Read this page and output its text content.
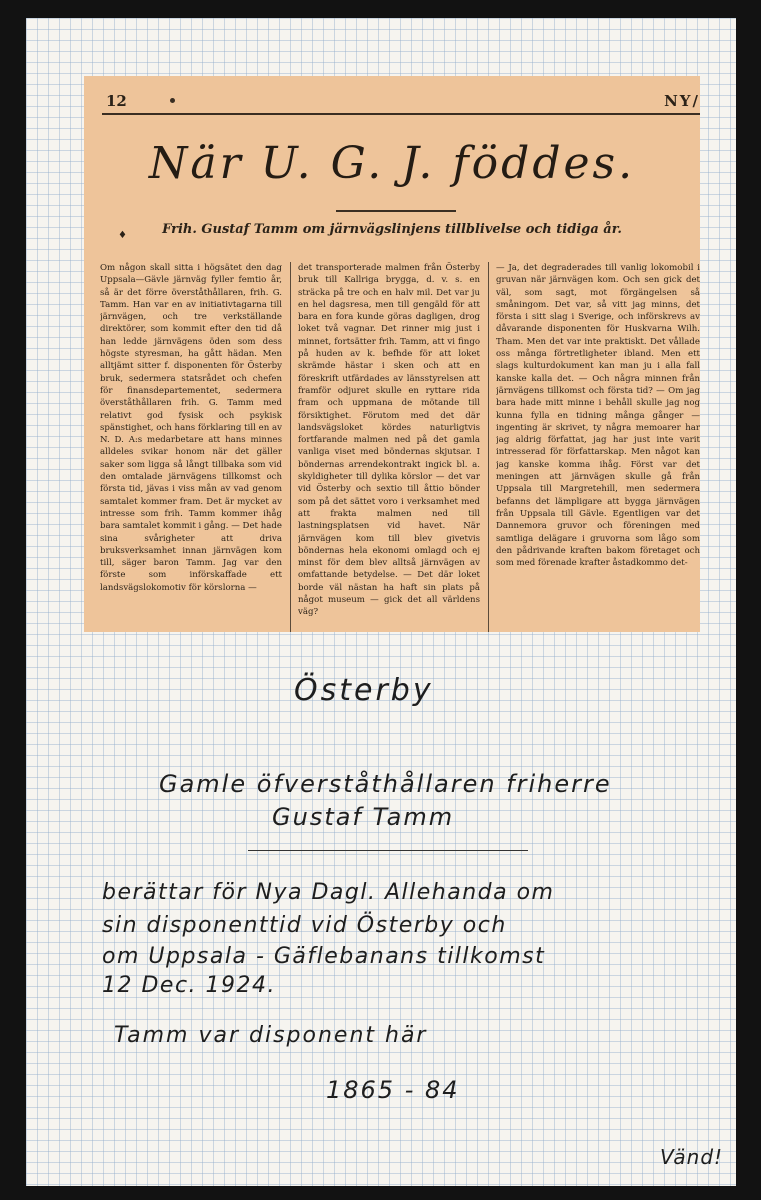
12	NY/
När U. G. J. föddes.
♦	Frih. Gustaf Tamm om järnvägslinjens tillblivelse och tidiga år.

Om någon skall sitta i högsätet den dag Uppsala—Gävle järnväg fyller femtio år, så är det förre överståthållaren, frih. G. Tamm. Han var en av initiativtagarna till järnvägen, och tre verkställande direktörer, som kommit efter den tid då han ledde järnvägens öden som dess högste styresman, ha gått hädan. Men alltjämt sitter f. disponenten för Österby bruk, sedermera statsrådet och chefen för finansdepartementet, sedermera överståthållaren frih. G. Tamm med relativt god fysisk och psykisk spänstighet, och hans förklaring till en av N. D. A:s medarbetare att hans minnes alldeles svikar honom när det gäller saker som ligga så långt tillbaka som vid den omtalade järnvägens tillkomst och första tid, jävas i viss mån av vad genom samtalet kommer fram. Det är mycket av intresse som frih. Tamm kommer ihåg bara samtalet kommit i gång. — Det hade sina svårigheter att driva bruksverksamhet innan järnvägen kom till, säger baron Tamm. Jag var den förste som införskaffade ett landsvägslokomotiv för körslorna —

det transporterade malmen från Österby bruk till Kallriga brygga, d. v. s. en sträcka på tre och en halv mil. Det var ju en hel dagsresa, men till gengäld för att bara en fora kunde göras dagligen, drog loket två vagnar. Det rinner mig just i minnet, fortsätter frih. Tamm, att vi fingo på huden av k. befhde för att loket skrämde hästar i sken och att en föreskrift utfärdades av länsstyrelsen att framför odjuret skulle en ryttare rida fram och uppmana de mötande till försiktighet. Förutom med det där landsvägsloket kördes naturligtvis fortfarande malmen ned på det gamla vanliga viset med böndernas skjutsar. I böndernas arrendekontrakt ingick bl. a. skyldigheter till dylika körslor — det var vid Österby och sextio till åttio bönder som på det sättet voro i verksamhet med att frakta malmen ned till lastningsplatsen vid havet. När järnvägen kom till blev givetvis böndernas hela ekonomi omlagd och ej minst för dem blev alltså järnvägen av omfattande betydelse. — Det där loket borde väl nästan ha haft sin plats på något museum — gick det all världens väg?

— Ja, det degraderades till vanlig lokomobil i gruvan när järnvägen kom. Och sen gick det väl, som sagt, mot förgängelsen så småningom. Det var, så vitt jag minns, det första i sitt slag i Sverige, och införskrevs av dåvarande disponenten för Huskvarna Wilh. Tham. Men det var inte praktiskt. Det vållade oss många förtretligheter ibland. Men ett slags kulturdokument kan man ju i alla fall kanske kalla det. — Och några minnen från järnvägens tillkomst och första tid? — Om jag bara hade mitt minne i behåll skulle jag nog kunna fylla en tidning många gånger — ingenting är skrivet, ty några memoarer har jag aldrig författat, jag har just inte varit intresserad för författarskap. Men något kan jag kanske komma ihåg. Först var det meningen att järnvägen skulle gå från Uppsala till Margretehill, men sedermera befanns det lämpligare att bygga järnvägen från Uppsala till Gävle. Egentligen var det Dannemora gruvor och föreningen med samtliga delägare i gruvorna som lågo som den pådrivande kraften bakom företaget och som med förenade krafter åstadkommo det-

Österby
Gamle öfverståthållaren friherre
Gustaf Tamm
berättar för Nya Dagl. Allehanda om
sin disponenttid vid Österby och
om Uppsala - Gäflebanans tillkomst
12 Dec. 1924.
Tamm var disponent här
1865 - 84
Vänd!
